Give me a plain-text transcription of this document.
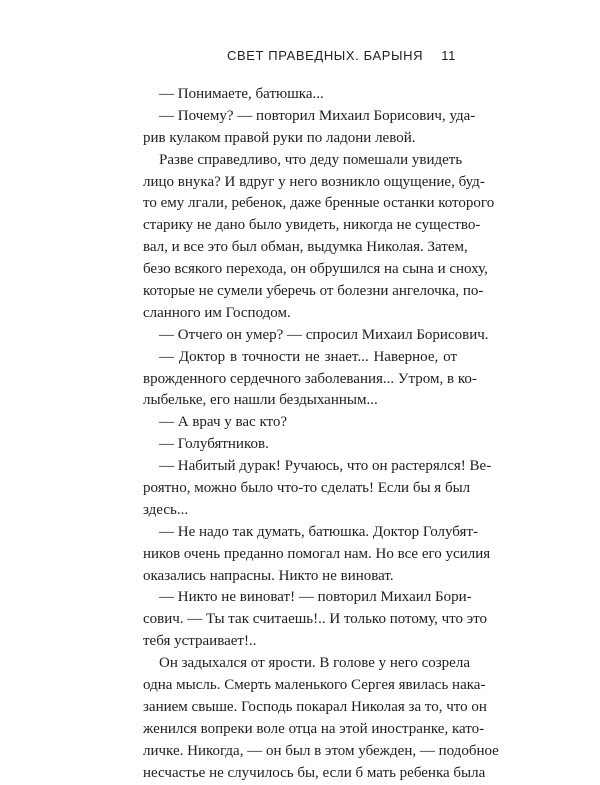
СВЕТ ПРАВЕДНЫХ. БАРЫНЯ 11
— Понимаете, батюшка...
— Почему? — повторил Михаил Борисович, уда-
рив кулаком правой руки по ладони левой.
Разве справедливо, что деду помешали увидеть
лицо внука? И вдруг у него возникло ощущение, буд-
то ему лгали, ребенок, даже бренные останки которого
старику не дано было увидеть, никогда не существо-
вал, и все это был обман, выдумка Николая. Затем,
безо всякого перехода, он обрушился на сына и сноху,
которые не сумели уберечь от болезни ангелочка, по-
сланного им Господом.
— Отчего он умер? — спросил Михаил Борисович.
— Доктор в точности не знает... Наверное, от
врожденного сердечного заболевания... Утром, в ко-
лыбельке, его нашли бездыханным...
— А врач у вас кто?
— Голубятников.
— Набитый дурак! Ручаюсь, что он растерялся! Ве-
роятно, можно было что-то сделать! Если бы я был
здесь...
— Не надо так думать, батюшка. Доктор Голубят-
ников очень преданно помогал нам. Но все его усилия
оказались напрасны. Никто не виноват.
— Никто не виноват! — повторил Михаил Бори-
сович. — Ты так считаешь!.. И только потому, что это
тебя устраивает!..
Он задыхался от ярости. В голове у него созрела
одна мысль. Смерть маленького Сергея явилась нака-
занием свыше. Господь покарал Николая за то, что он
женился вопреки воле отца на этой иностранке, като-
личке. Никогда, — он был в этом убежден, — подобное
несчастье не случилось бы, если б мать ребенка была
